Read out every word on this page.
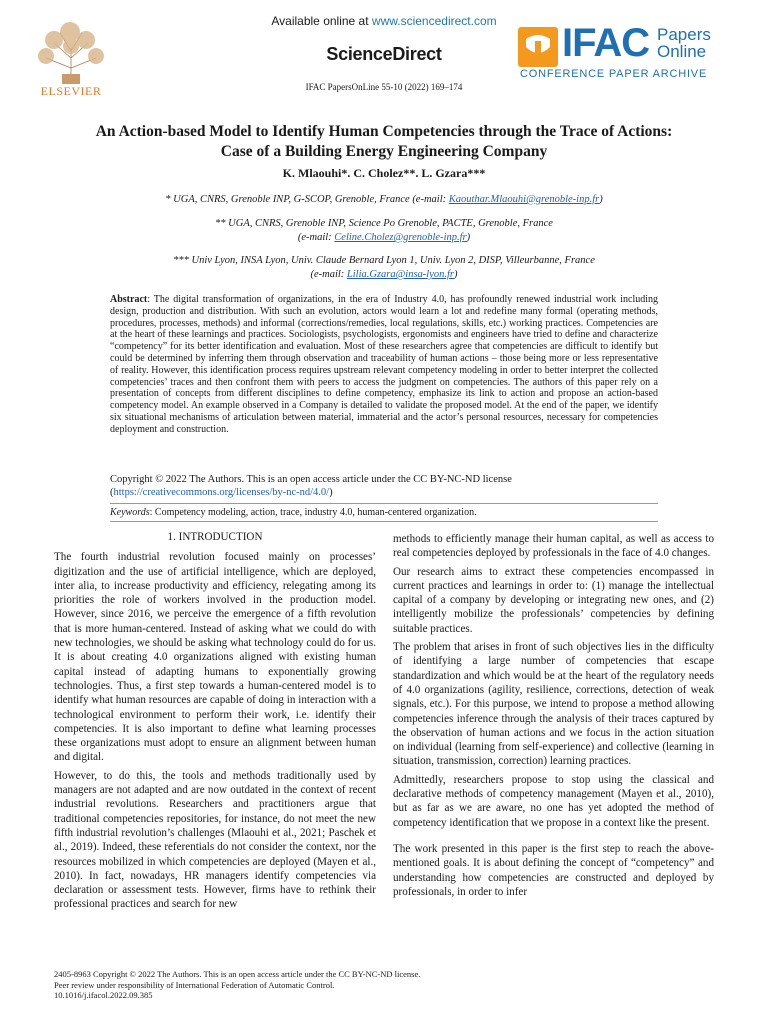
Available online at www.sciencedirect.com
ScienceDirect
IFAC PapersOnLine 55-10 (2022) 169–174
ELSEVIER
IFAC Papers
Online
CONFERENCE PAPER ARCHIVE
An Action-based Model to Identify Human Competencies through the Trace of Actions: Case of a Building Energy Engineering Company
K. Mlaouhi*. C. Cholez**. L. Gzara***
* UGA, CNRS, Grenoble INP, G-SCOP, Grenoble, France (e-mail: Kaouthar.Mlaouhi@grenoble-inp.fr)
** UGA, CNRS, Grenoble INP, Science Po Grenoble, PACTE, Grenoble, France
(e-mail: Celine.Cholez@grenoble-inp.fr)
*** Univ Lyon, INSA Lyon, Univ. Claude Bernard Lyon 1, Univ. Lyon 2, DISP, Villeurbanne, France
(e-mail: Lilia.Gzara@insa-lyon.fr)
Abstract: The digital transformation of organizations, in the era of Industry 4.0, has profoundly renewed industrial work including design, production and distribution. With such an evolution, actors would learn a lot and redefine many formal (operating methods, procedures, processes, methods) and informal (corrections/remedies, local regulations, skills, etc.) working practices. Competencies are at the heart of these learnings and practices. Sociologists, psychologists, ergonomists and engineers have tried to define and characterize “competency” for its better identification and evaluation. Most of these researchers agree that competencies are difficult to identify but could be determined by inferring them through observation and traceability of human actions – those being more or less representative of reality. However, this identification process requires upstream relevant competency modeling in order to better interpret the collected competencies’ traces and then confront them with peers to access the judgment on competencies. The authors of this paper rely on a presentation of concepts from different disciplines to define competency, emphasize its link to action and propose an action-based competency model. An example observed in a Company is detailed to validate the proposed model. At the end of the paper, we identify six situational mechanisms of articulation between material, immaterial and the actor’s personal resources, necessary for competencies deployment and construction.
Copyright © 2022 The Authors. This is an open access article under the CC BY-NC-ND license
(https://creativecommons.org/licenses/by-nc-nd/4.0/)
Keywords: Competency modeling, action, trace, industry 4.0, human-centered organization.

1. INTRODUCTION

The fourth industrial revolution focused mainly on processes’ digitization and the use of artificial intelligence, which are deployed, inter alia, to increase productivity and efficiency, relegating among its priorities the role of workers involved in the production model. However, since 2016, we perceive the emergence of a fifth revolution that is more human-centered. Instead of asking what we could do with new technologies, we should be asking what technology could do for us. It is about creating 4.0 organizations aligned with existing human capital instead of adapting humans to exponentially growing technologies. Thus, a first step towards a human-centered model is to identify what human resources are capable of doing in interaction with a technological environment to perform their work, i.e. identify their competencies. It is also important to define what learning processes these organizations must adopt to ensure an alignment between human and digital.

However, to do this, the tools and methods traditionally used by managers are not adapted and are now outdated in the context of recent industrial revolutions. Researchers and practitioners argue that traditional competencies repositories, for instance, do not meet the new fifth industrial revolution’s challenges (Mlaouhi et al., 2021; Paschek et al., 2019). Indeed, these referentials do not consider the context, nor the resources mobilized in which competencies are deployed (Mayen et al., 2010). In fact, nowadays, HR managers identify competencies via declaration or assessment tests. However, firms have to rethink their professional practices and search for new

methods to efficiently manage their human capital, as well as access to real competencies deployed by professionals in the face of 4.0 changes.

Our research aims to extract these competencies encompassed in current practices and learnings in order to: (1) manage the intellectual capital of a company by developing or integrating new ones, and (2) intelligently mobilize the professionals’ competencies by defining suitable practices.

The problem that arises in front of such objectives lies in the difficulty of identifying a large number of competencies that escape standardization and which would be at the heart of the regulatory needs of 4.0 organizations (agility, resilience, corrections, detection of weak signals, etc.). For this purpose, we intend to propose a method allowing competencies inference through the analysis of their traces captured by the observation of human actions and we focus in the action situation on individual (learning from self-experience) and collective (learning in situation, transmission, correction) learning practices.

Admittedly, researchers propose to stop using the classical and declarative methods of competency management (Mayen et al., 2010), but as far as we are aware, no one has yet adopted the method of competency identification that we propose in a context like the present.

The work presented in this paper is the first step to reach the above-mentioned goals. It is about defining the concept of “competency” and understanding how competencies are constructed and deployed by professionals, in order to infer

2405-8963 Copyright © 2022 The Authors. This is an open access article under the CC BY-NC-ND license.
Peer review under responsibility of International Federation of Automatic Control.
10.1016/j.ifacol.2022.09.385
